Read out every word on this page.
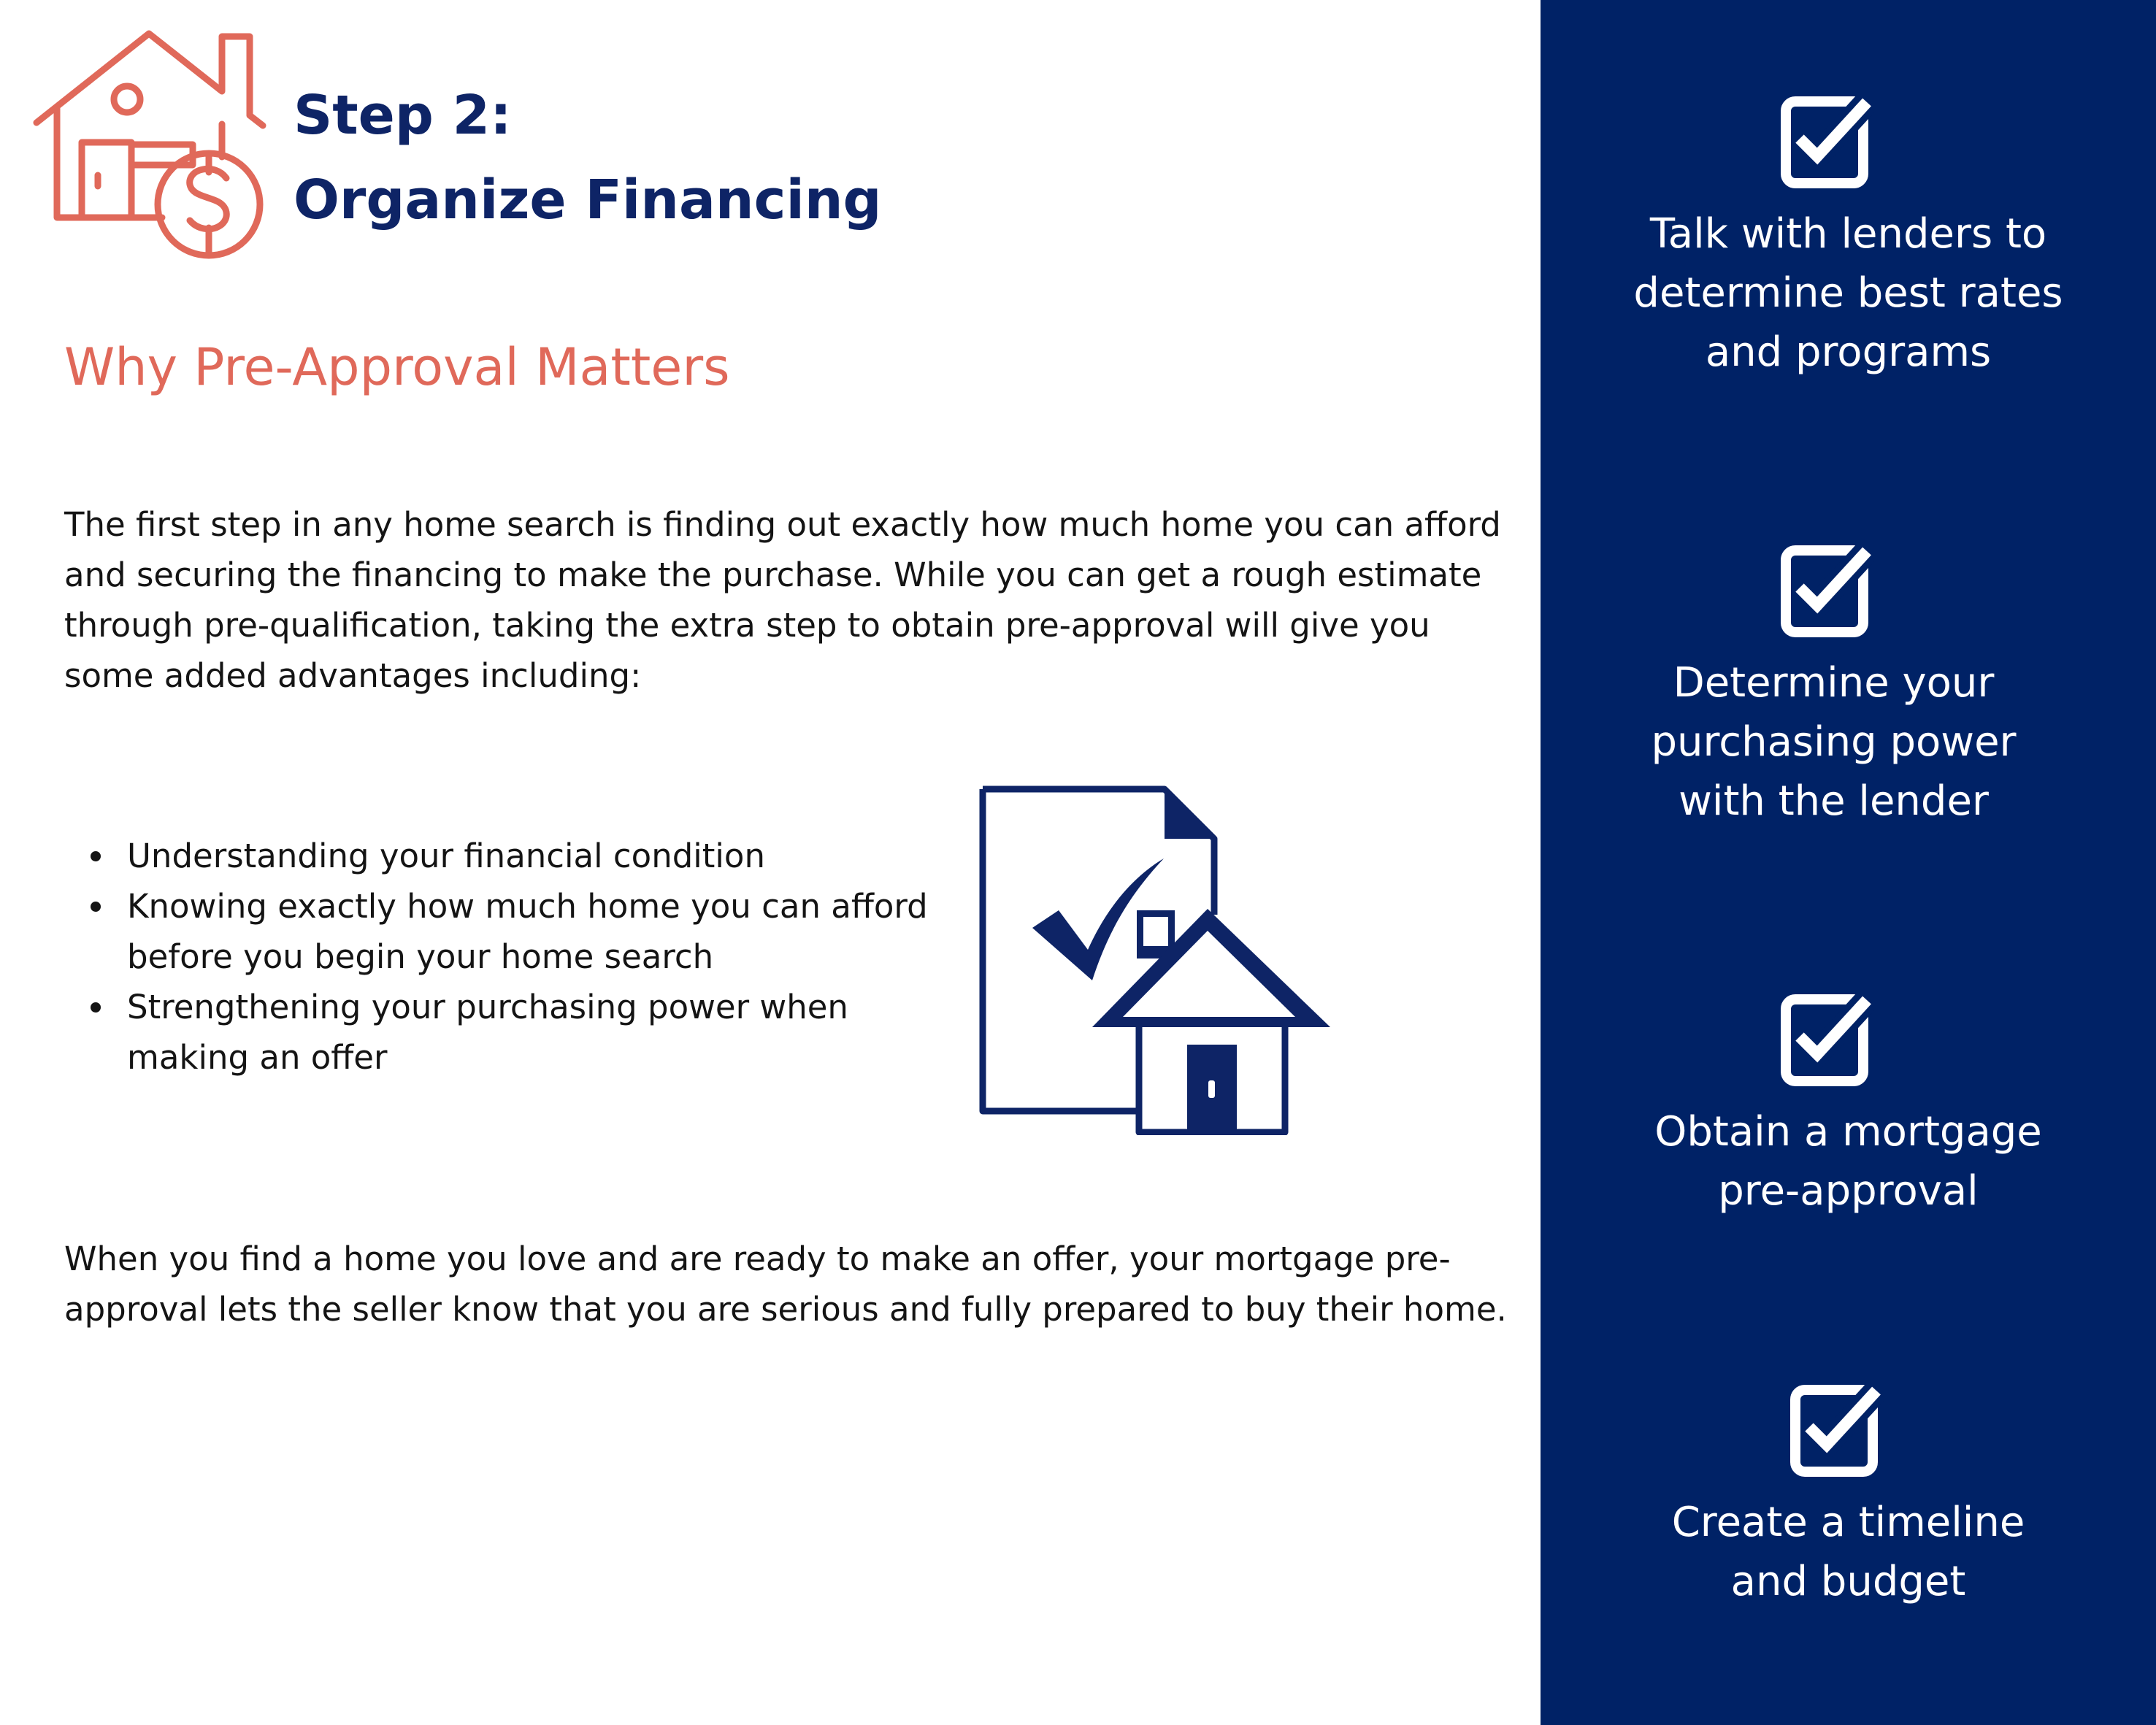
Step 2:
Organize Financing
Why Pre-Approval Matters

The first step in any home search is finding out exactly how much home you can afford and securing the financing to make the purchase. While you can get a rough estimate through pre-qualification, taking the extra step to obtain pre-approval will give you some added advantages including:

Understanding your financial condition
Knowing exactly how much home you can afford before you begin your home search
Strengthening your purchasing power when making an offer

When you find a home you love and are ready to make an offer, your mortgage pre-approval lets the seller know that you are serious and fully prepared to buy their home.

Talk with lenders to
determine best rates
and programs

Determine your
purchasing power
with the lender

Obtain a mortgage
pre-approval

Create a timeline
and budget
